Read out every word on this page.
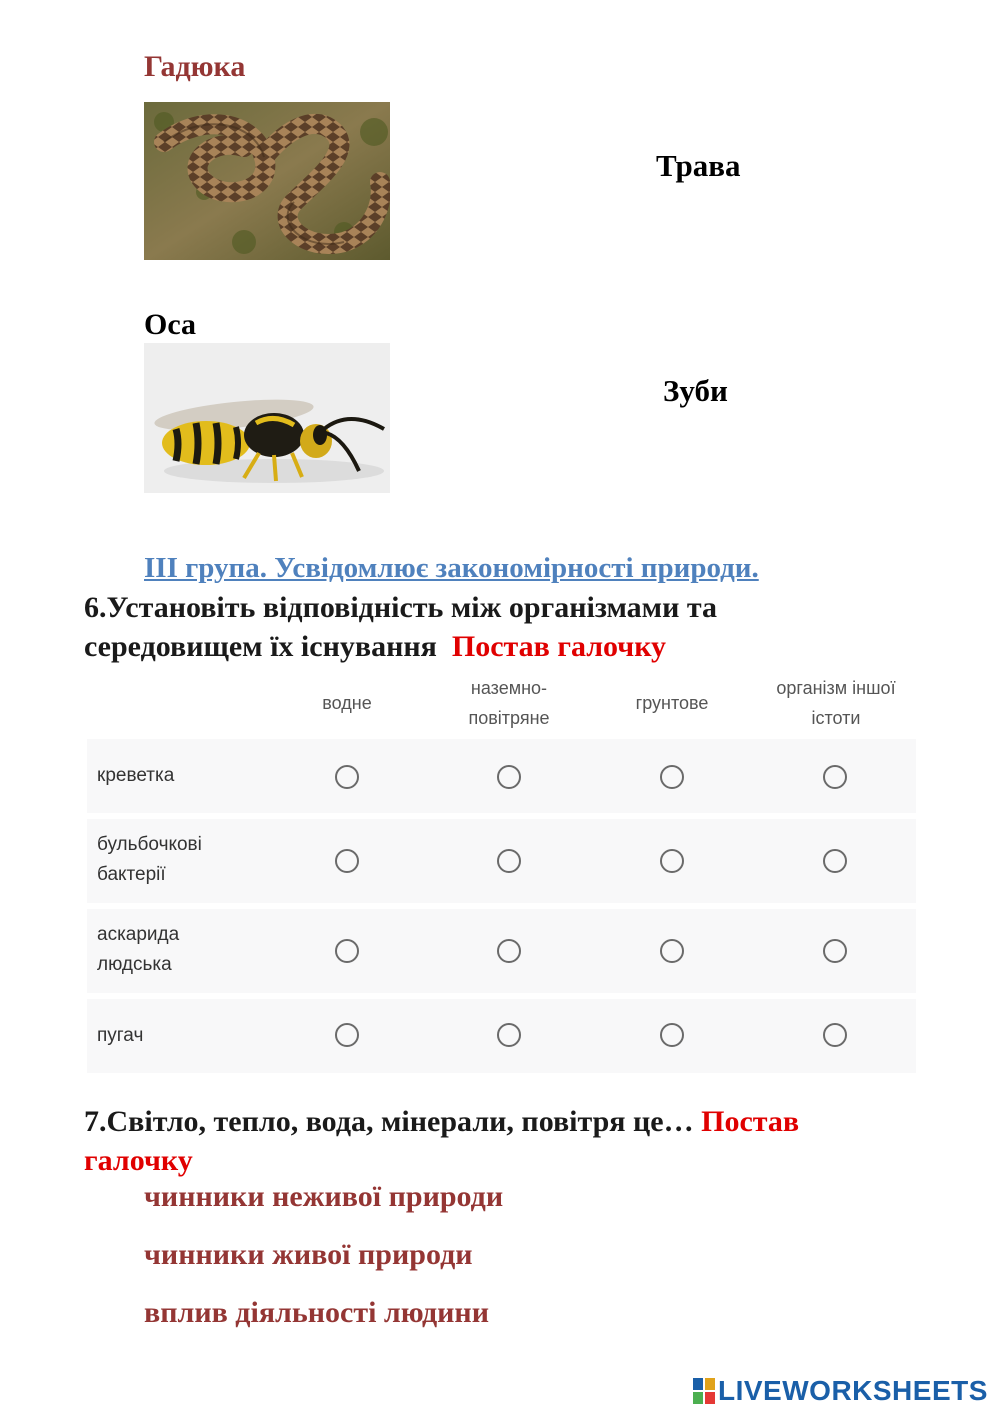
Гадюка
Трава
Оса
Зуби
ІІІ група. Усвідомлює закономірності природи.
6.Установіть відповідність між організмами та
середовищем їх існування Постав галочку
водне
наземно-
повітряне
грунтове
організм іншої
істоти
креветка
бульбочкові
бактерії
аскарида
людська
пугач
7.Світло, тепло, вода, мінерали, повітря це… Постав
галочку
чинники неживої природи
чинники живої природи
вплив діяльності людини
LIVEWORKSHEETS
